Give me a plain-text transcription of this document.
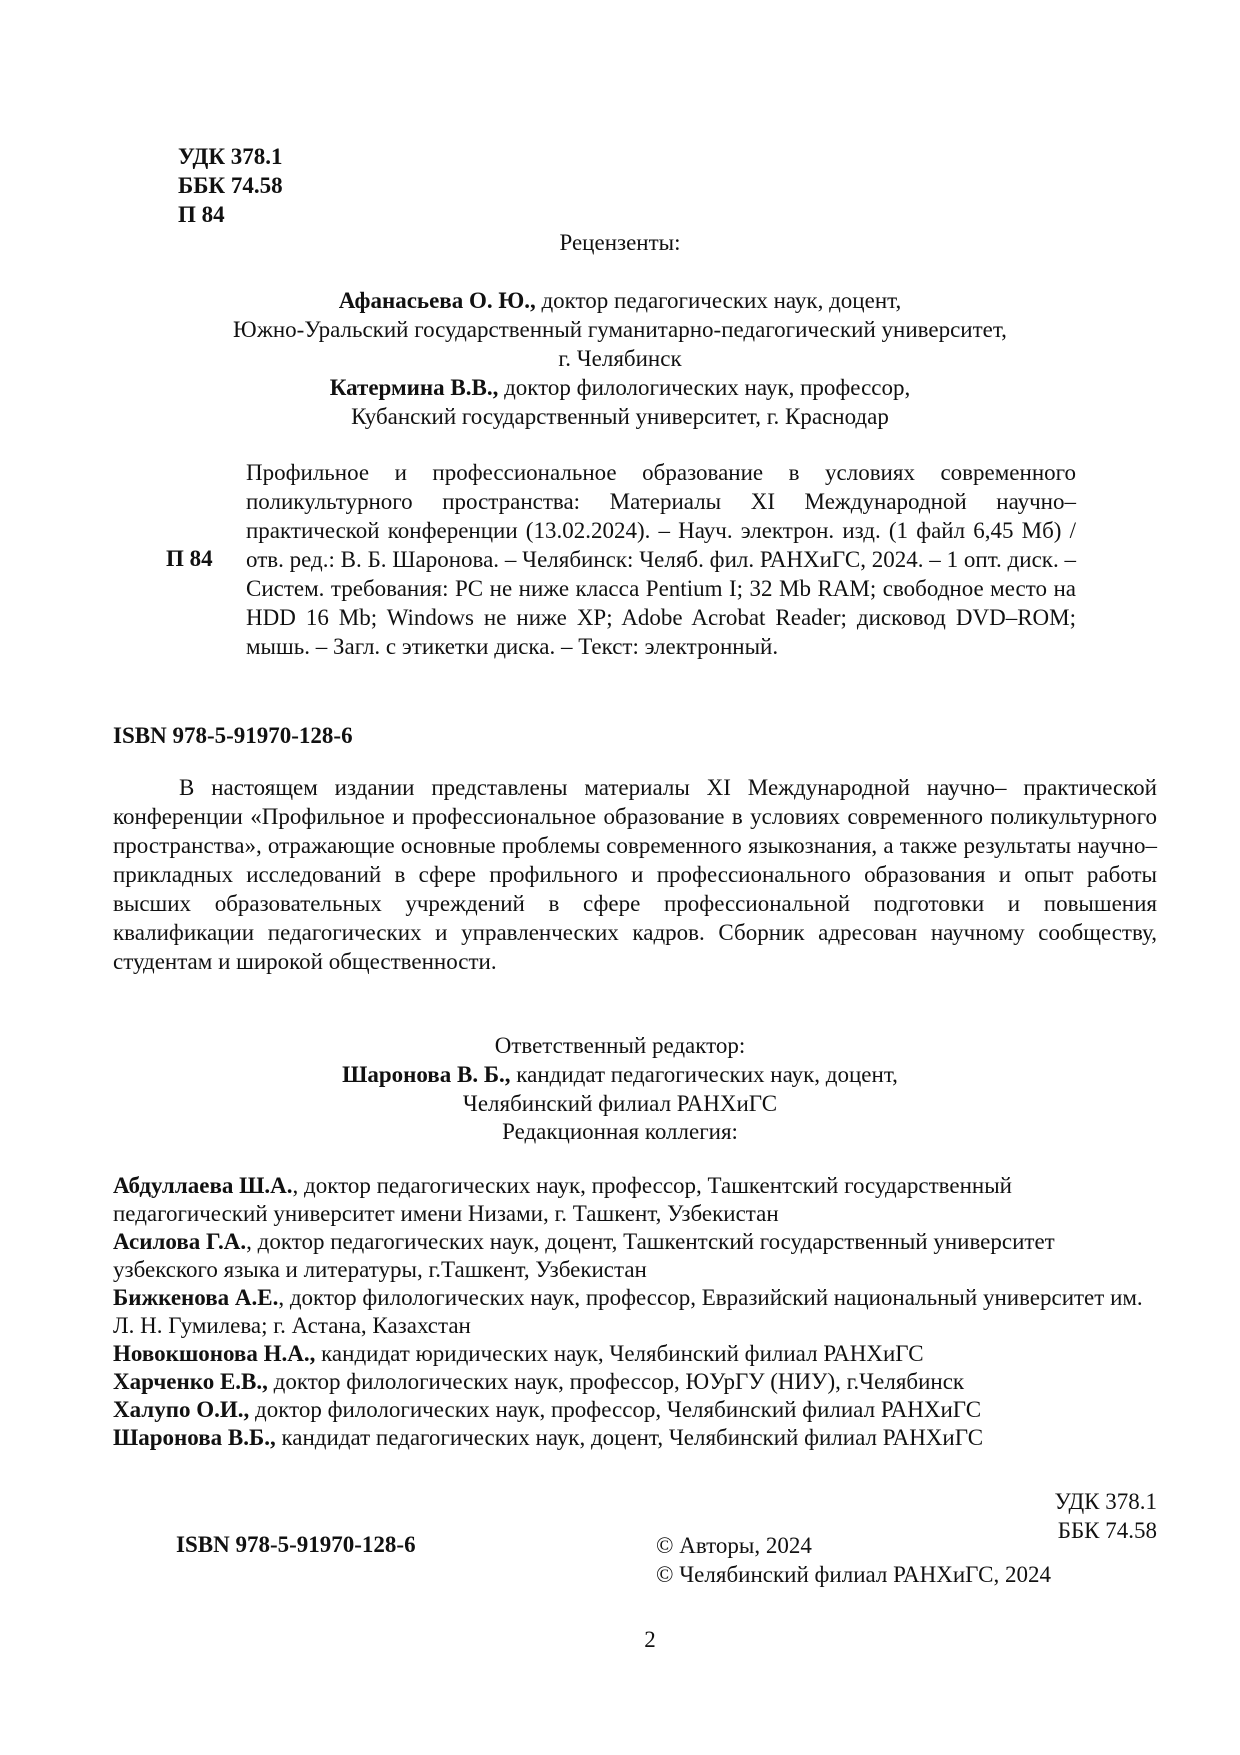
УДК 378.1
ББК 74.58
П 84
Рецензенты:
Афанасьева О. Ю., доктор педагогических наук, доцент,
Южно-Уральский государственный гуманитарно-педагогический университет,
г. Челябинск
Катермина В.В., доктор филологических наук, профессор,
Кубанский государственный университет, г. Краснодар
П 84
Профильное и профессиональное образование в условиях современного поликультурного пространства: Материалы XI Международной научно–практической конференции (13.02.2024). – Науч. электрон. изд. (1 файл 6,45 Мб) / отв. ред.: В. Б. Шаронова. – Челябинск: Челяб. фил. РАНХиГС, 2024. – 1 опт. диск. – Систем. требования: PC не ниже класса Pentium I; 32 Mb RAM; свободное место на HDD 16 Mb; Windows не ниже XP; Adobe Acrobat Reader; дисковод DVD–ROM; мышь. – Загл. с этикетки диска. – Текст: электронный.
ISBN 978-5-91970-128-6

В настоящем издании представлены материалы XI Международной научно– практической конференции «Профильное и профессиональное образование в условиях современного поликультурного пространства», отражающие основные проблемы современного языкознания, а также результаты научно–прикладных исследований в сфере профильного и профессионального образования и опыт работы высших образовательных учреждений в сфере профессиональной подготовки и повышения квалификации педагогических и управленческих кадров. Сборник адресован научному сообществу, студентам и широкой общественности.

Ответственный редактор:
Шаронова В. Б., кандидат педагогических наук, доцент,
Челябинский филиал РАНХиГС
Редакционная коллегия:
Абдуллаева Ш.А., доктор педагогических наук, профессор, Ташкентский государственный педагогический университет имени Низами, г. Ташкент, Узбекистан
Асилова Г.А., доктор педагогических наук, доцент, Ташкентский государственный университет узбекского языка и литературы, г.Ташкент, Узбекистан
Бижкенова А.Е., доктор филологических наук, профессор, Евразийский национальный университет им. Л. Н. Гумилева; г. Астана, Казахстан
Новокшонова Н.А., кандидат юридических наук, Челябинский филиал РАНХиГС
Харченко Е.В., доктор филологических наук, профессор, ЮУрГУ (НИУ), г.Челябинск
Халупо О.И., доктор филологических наук, профессор, Челябинский филиал РАНХиГС
Шаронова В.Б., кандидат педагогических наук, доцент, Челябинский филиал РАНХиГС
УДК 378.1
ББК 74.58
ISBN 978-5-91970-128-6	© Авторы, 2024
© Челябинский филиал РАНХиГС, 2024
2
